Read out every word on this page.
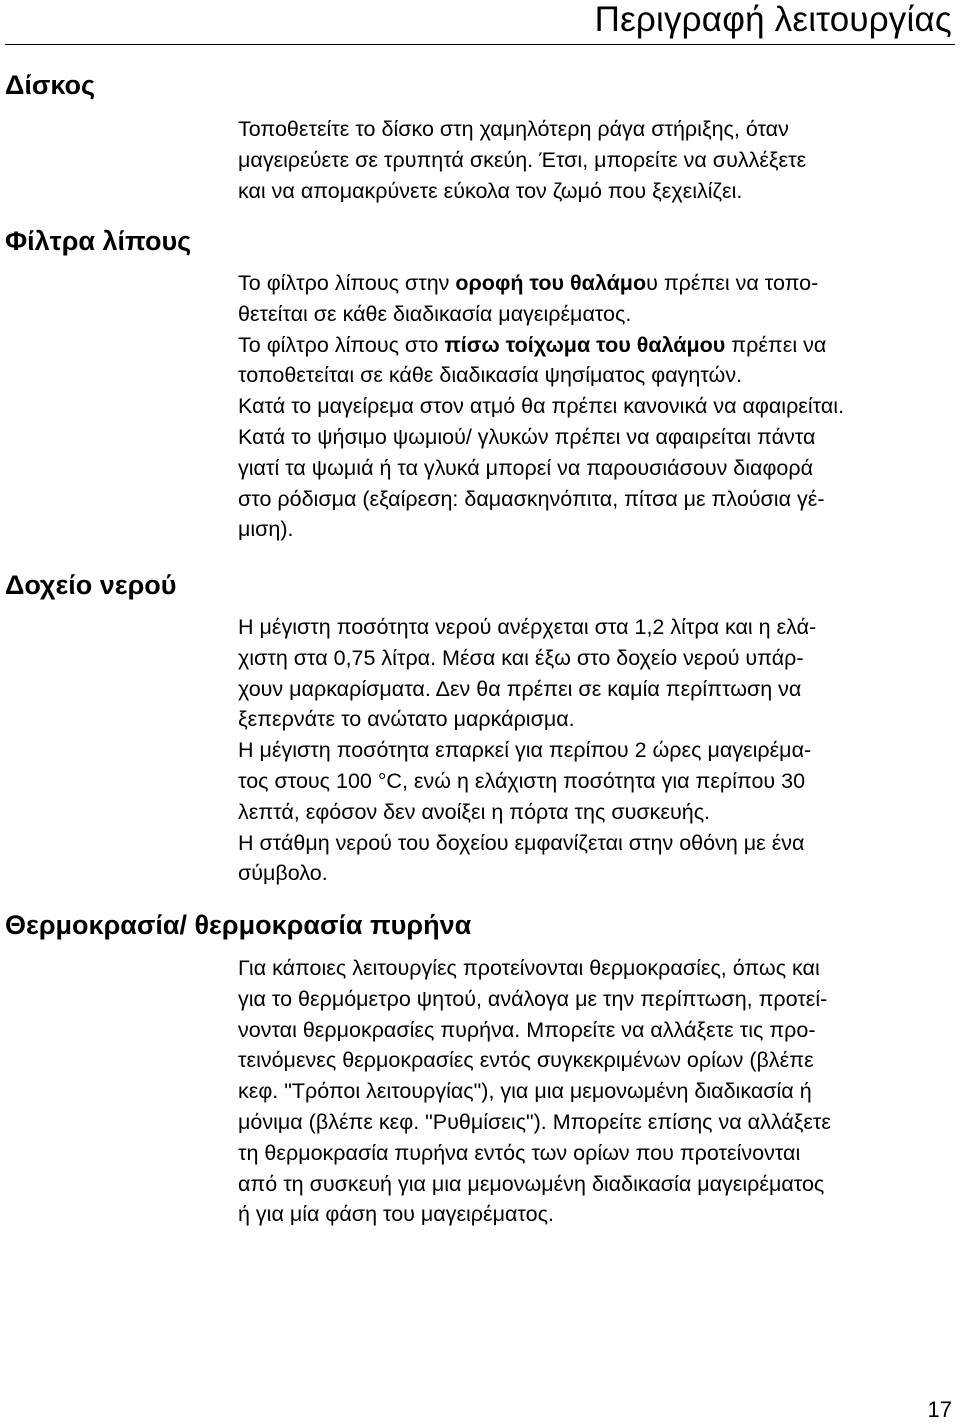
Περιγραφή λειτουργίας
Δίσκος

Τοποθετείτε το δίσκο στη χαμηλότερη ράγα στήριξης, όταν

μαγειρεύετε σε τρυπητά σκεύη. Έτσι, μπορείτε να συλλέξετε

και να απομακρύνετε εύκολα τον ζωμό που ξεχειλίζει.

Φίλτρα λίπους

Το φίλτρο λίπους στην οροφή του θαλάμου πρέπει να τοπο-

θετείται σε κάθε διαδικασία μαγειρέματος.

Το φίλτρο λίπους στο πίσω τοίχωμα του θαλάμου πρέπει να

τοποθετείται σε κάθε διαδικασία ψησίματος φαγητών.

Κατά το μαγείρεμα στον ατμό θα πρέπει κανονικά να αφαιρείται.

Κατά το ψήσιμο ψωμιού/ γλυκών πρέπει να αφαιρείται πάντα

γιατί τα ψωμιά ή τα γλυκά μπορεί να παρουσιάσουν διαφορά

στο ρόδισμα (εξαίρεση: δαμασκηνόπιτα, πίτσα με πλούσια γέ-

μιση).

Δοχείο νερού

Η μέγιστη ποσότητα νερού ανέρχεται στα 1,2 λίτρα και η ελά-

χιστη στα 0,75 λίτρα. Μέσα και έξω στο δοχείο νερού υπάρ-

χουν μαρκαρίσματα. Δεν θα πρέπει σε καμία περίπτωση να

ξεπερνάτε το ανώτατο μαρκάρισμα.

Η μέγιστη ποσότητα επαρκεί για περίπου 2 ώρες μαγειρέμα-

τος στους 100 °C, ενώ η ελάχιστη ποσότητα για περίπου 30

λεπτά, εφόσον δεν ανοίξει η πόρτα της συσκευής.

Η στάθμη νερού του δοχείου εμφανίζεται στην οθόνη με ένα

σύμβολο.

Θερμοκρασία/ θερμοκρασία πυρήνα

Για κάποιες λειτουργίες προτείνονται θερμοκρασίες, όπως και

για το θερμόμετρο ψητού, ανάλογα με την περίπτωση, προτεί-

νονται θερμοκρασίες πυρήνα. Μπορείτε να αλλάξετε τις προ-

τεινόμενες θερμοκρασίες εντός συγκεκριμένων ορίων (βλέπε

κεφ. "Τρόποι λειτουργίας"), για μια μεμονωμένη διαδικασία ή

μόνιμα (βλέπε κεφ. "Ρυθμίσεις"). Μπορείτε επίσης να αλλάξετε

τη θερμοκρασία πυρήνα εντός των ορίων που προτείνονται

από τη συσκευή για μια μεμονωμένη διαδικασία μαγειρέματος

ή για μία φάση του μαγειρέματος.

17
